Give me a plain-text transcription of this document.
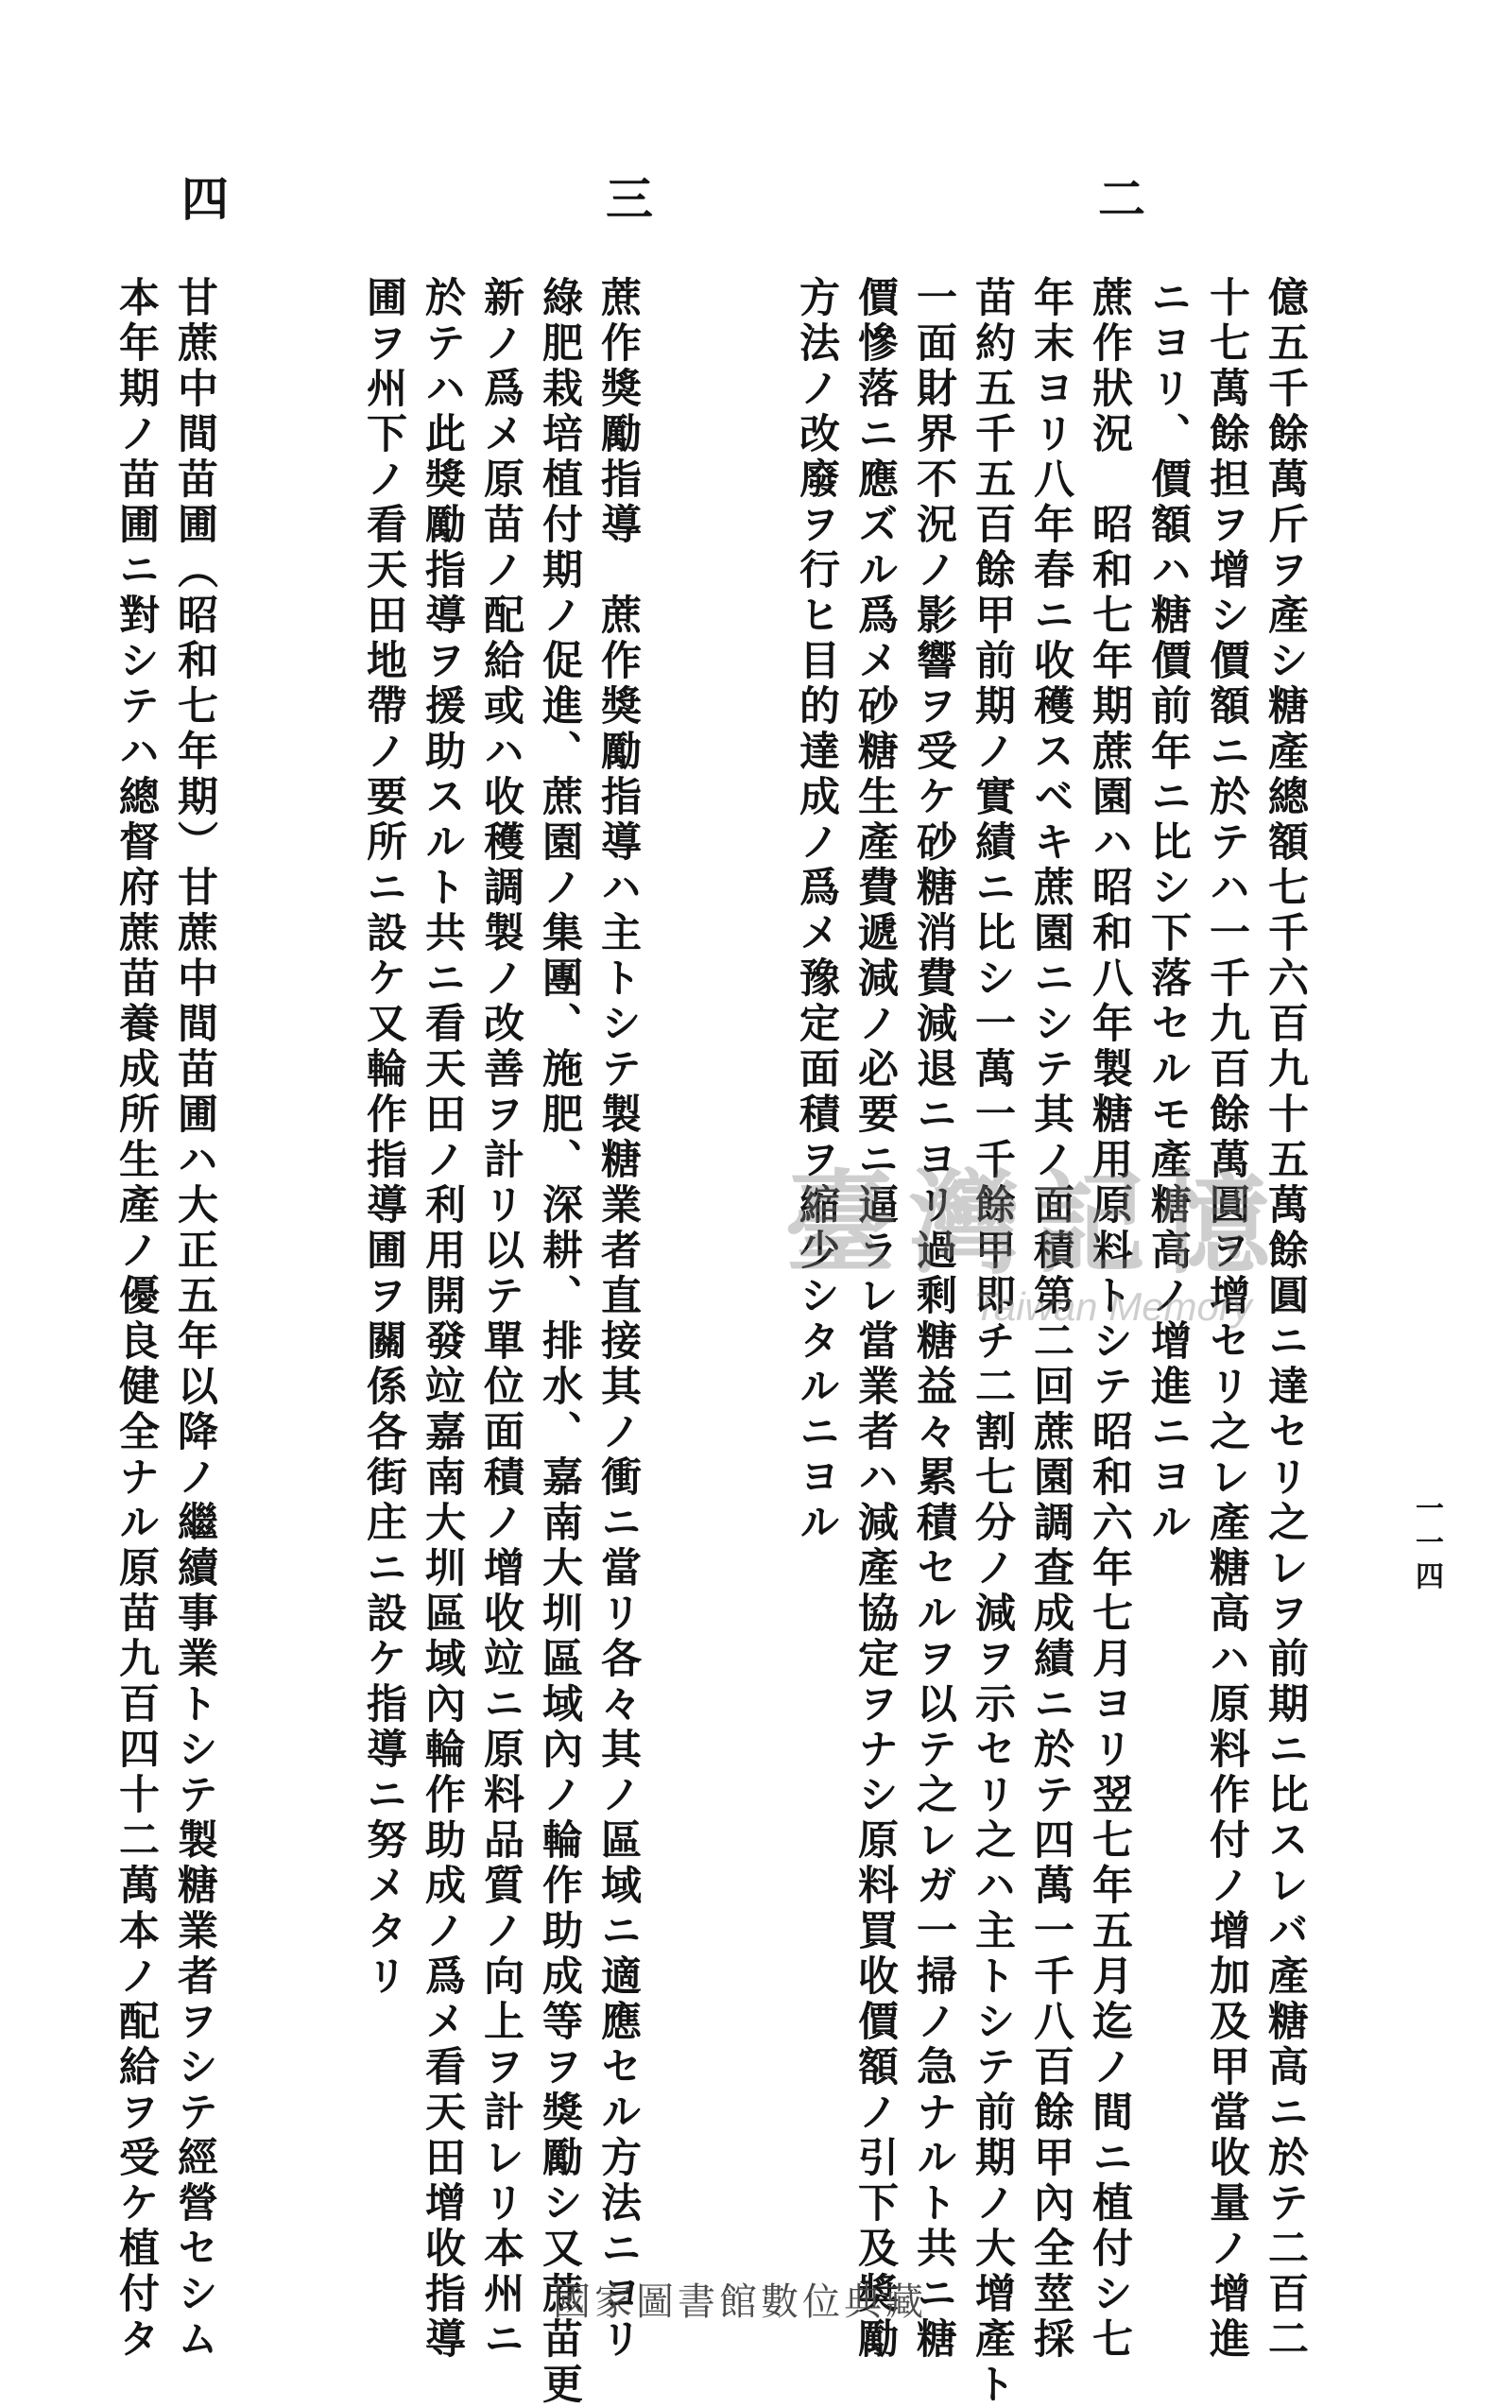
一一四
二
三
四
億五千餘萬斤ヲ產シ糖產總額七千六百九十五萬餘圓ニ達セリ之レヲ前期ニ比スレバ產糖高ニ於テ二百二
十七萬餘担ヲ增シ價額ニ於テハ一千九百餘萬圓ヲ增セリ之レ產糖高ハ原料作付ノ增加及甲當收量ノ增進
ニヨリ、價額ハ糖價前年ニ比シ下落セルモ產糖高ノ增進ニヨル
蔗作狀況　昭和七年期蔗園ハ昭和八年製糖用原料トシテ昭和六年七月ヨリ翌七年五月迄ノ間ニ植付シ七
年末ヨリ八年春ニ收穫スベキ蔗園ニシテ其ノ面積第二回蔗園調查成績ニ於テ四萬一千八百餘甲內全莖採
苗約五千五百餘甲前期ノ實績ニ比シ一萬一千餘甲即チ二割七分ノ減ヲ示セリ之ハ主トシテ前期ノ大增產ト
一面財界不況ノ影響ヲ受ケ砂糖消費減退ニヨリ過剩糖益々累積セルヲ以テ之レガ一掃ノ急ナルト共ニ糖
價慘落ニ應ズル爲メ砂糖生產費遞減ノ必要ニ逼ラレ當業者ハ減產協定ヲナシ原料買收價額ノ引下及獎勵
方法ノ改廢ヲ行ヒ目的達成ノ爲メ豫定面積ヲ縮少シタルニヨル
蔗作獎勵指導　蔗作獎勵指導ハ主トシテ製糖業者直接其ノ衝ニ當リ各々其ノ區域ニ適應セル方法ニヨリ
綠肥栽培植付期ノ促進、蔗園ノ集團、施肥、深耕、排水、嘉南大圳區域內ノ輪作助成等ヲ獎勵シ又蔗苗更
新ノ爲メ原苗ノ配給或ハ收穫調製ノ改善ヲ計リ以テ單位面積ノ增收竝ニ原料品質ノ向上ヲ計レリ本州ニ
於テハ此獎勵指導ヲ援助スルト共ニ看天田ノ利用開發竝嘉南大圳區域內輪作助成ノ爲メ看天田增收指導
圃ヲ州下ノ看天田地帶ノ要所ニ設ケ又輪作指導圃ヲ關係各街庄ニ設ケ指導ニ努メタリ
甘蔗中間苗圃（昭和七年期）甘蔗中間苗圃ハ大正五年以降ノ繼續事業トシテ製糖業者ヲシテ經營セシム
本年期ノ苗圃ニ對シテハ總督府蔗苗養成所生產ノ優良健全ナル原苗九百四十二萬本ノ配給ヲ受ケ植付タ	臺灣記憶
Taiwan Memory
國家圖書館數位典藏
